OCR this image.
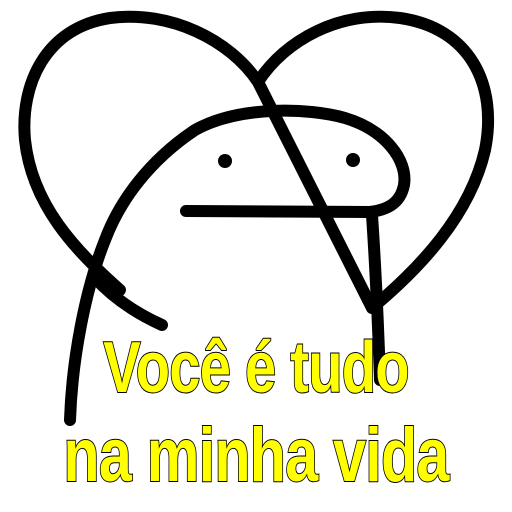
Você é tudo
na minha vida
